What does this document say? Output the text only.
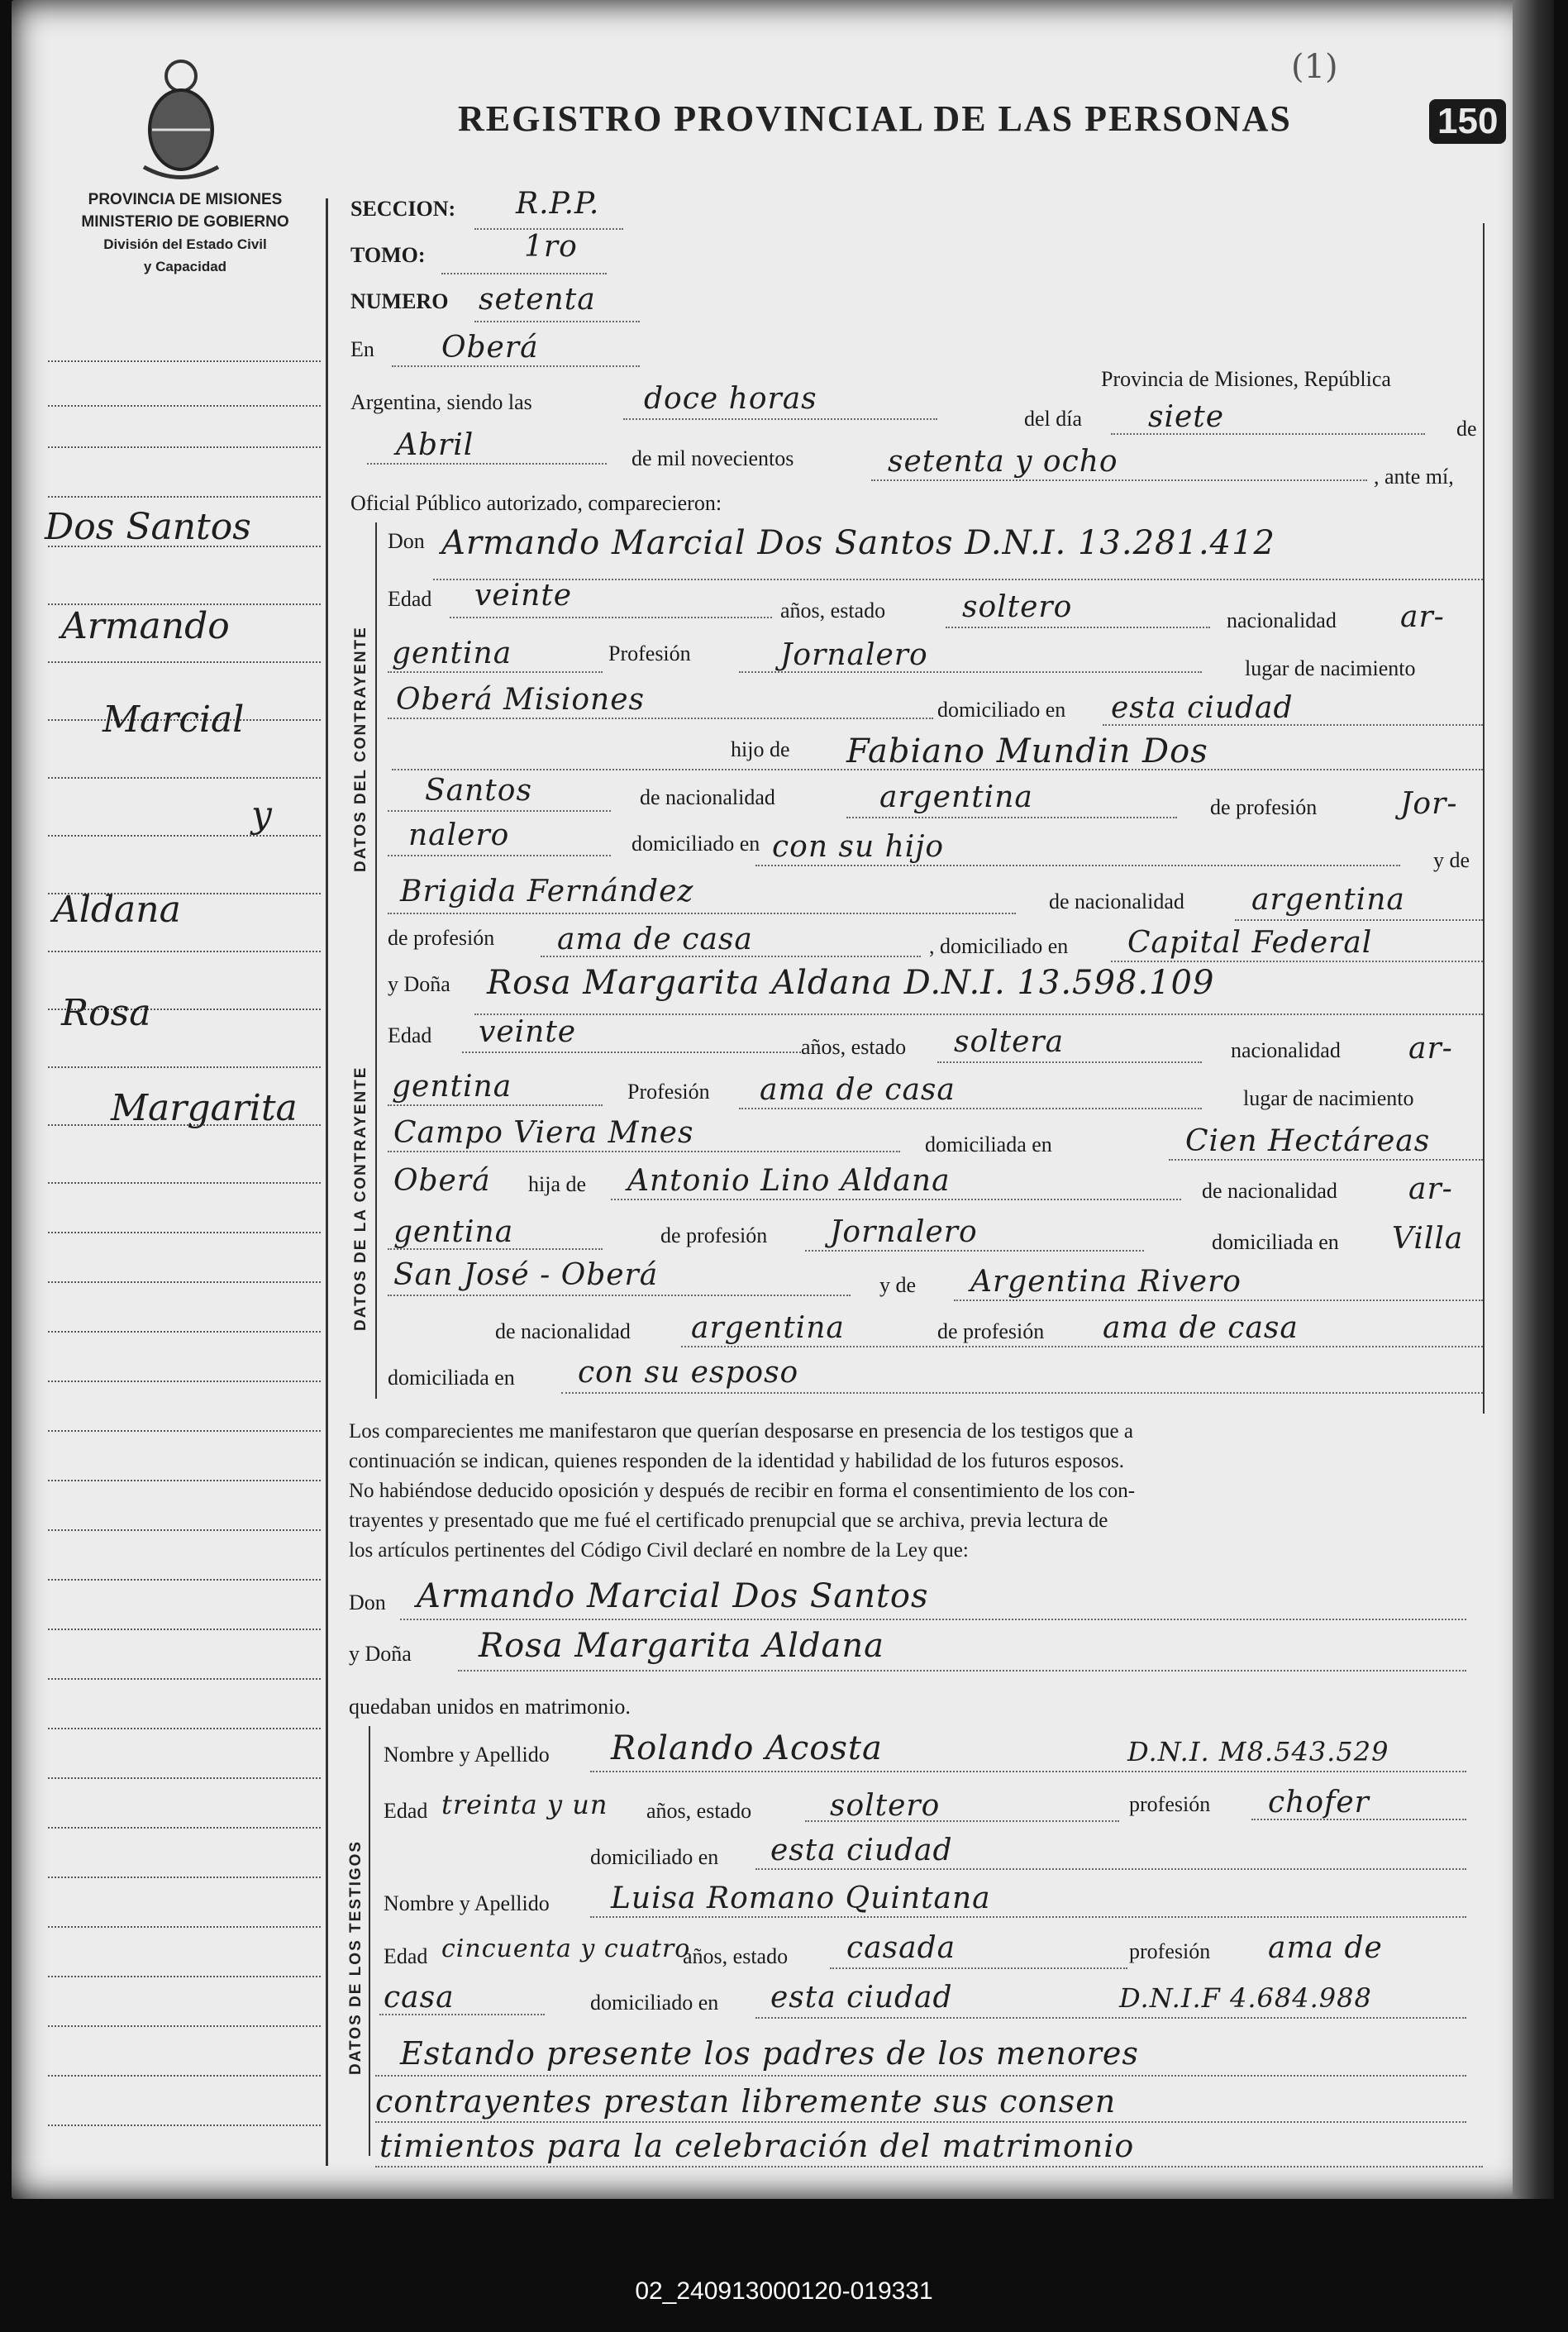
PROVINCIA DE MISIONES
MINISTERIO DE GOBIERNO
División del Estado Civil
y Capacidad
REGISTRO PROVINCIAL DE LAS PERSONAS	150
(1)
Dos Santos
Armando
Marcial
y
Aldana
Rosa
Margarita
DATOS DEL CONTRAYENTE
DATOS DE LA CONTRAYENTE
DATOS DE LOS TESTIGOS
SECCION: R.P.P.
TOMO:	1ro
NUMERO setenta
En Oberá
Provincia de Misiones, República
Argentina, siendo las	doce horas
del día siete	de
Abril	de mil novecientos	setenta y ocho	, ante mí,
Oficial Público autorizado, comparecieron:
Don Armando Marcial Dos Santos D.N.I. 13.281.412
Edad veinte	años, estado	soltero	nacionalidad ar-
gentina	Profesión	Jornalero	lugar de nacimiento
Oberá Misiones	domiciliado en esta ciudad
hijo de Fabiano Mundin Dos
Santos	de nacionalidad	argentina	de profesión	Jor-
nalero	domiciliado en con su hijo	y de
Brigida Fernández	de nacionalidad argentina
de profesión ama de casa	, domiciliado en Capital Federal
y Doña Rosa Margarita Aldana D.N.I. 13.598.109
Edad veinte	años, estado soltera	nacionalidad ar-
gentina	Profesión ama de casa	lugar de nacimiento
Campo Viera Mnes	domiciliada en	Cien Hectáreas
Oberá hija de Antonio Lino Aldana	de nacionalidad ar-
gentina	de profesión Jornalero	domiciliada en Villa
San José - Oberá	y de Argentina Rivero
de nacionalidad argentina	de profesión ama de casa
domiciliada en con su esposo
Los comparecientes me manifestaron que querían desposarse en presencia de los testigos que a
continuación se indican, quienes responden de la identidad y habilidad de los futuros esposos.
No habiéndose deducido oposición y después de recibir en forma el consentimiento de los con-
trayentes y presentado que me fué el certificado prenupcial que se archiva, previa lectura de
los artículos pertinentes del Código Civil declaré en nombre de la Ley que:
Don Armando Marcial Dos Santos
y Doña Rosa Margarita Aldana
quedaban unidos en matrimonio.
Nombre y Apellido Rolando Acosta	D.N.I. M8.543.529
Edad treinta y un años, estado	soltero	profesión chofer
domiciliado en esta ciudad
Nombre y Apellido Luisa Romano Quintana
Edad cincuenta y cuatro
años, estado casada	profesión ama de
casa	domiciliado en esta ciudad	D.N.I.F 4.684.988
Estando presente los padres de los menores
contrayentes prestan libremente sus consen
timientos para la celebración del matrimonio
02_240913000120-019331
